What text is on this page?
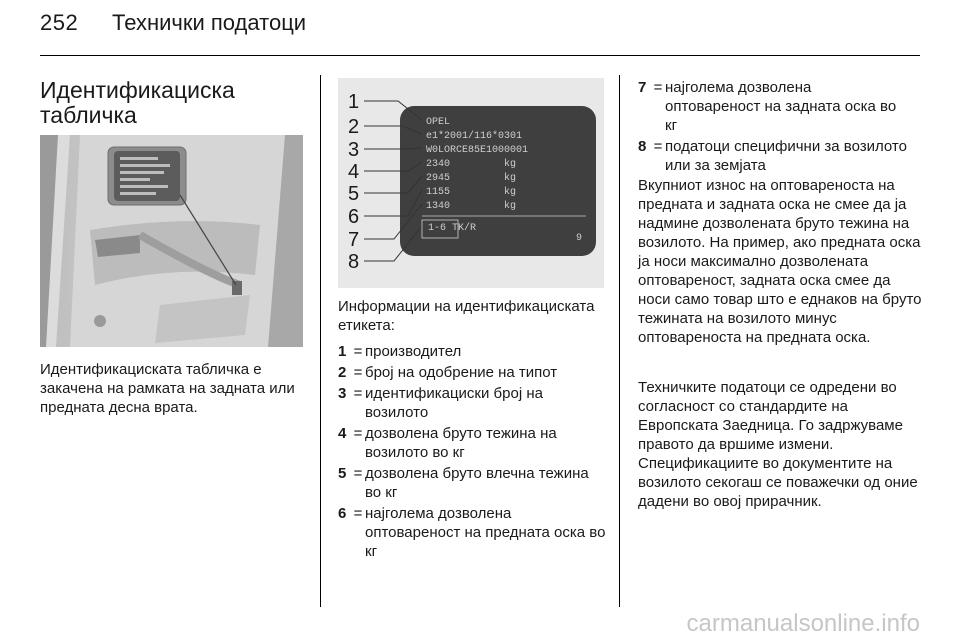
252 Технички податоци
Идентификациска табличка
Идентификациската табличка е закачена на рамката на задната или предната десна врата.
1
2
3
4
5
6
7
8
OPEL
e1*2001/116*0301
W0LORCE85E1000001
2340
2945
1155
1340
kg
kg
kg
kg
1-6 TK/R
9
Информации на идентификациската етикета:
1 = производител
2 = број на одобрение на типот
3 = идентификациски број на возилото
4 = дозволена бруто тежина на возилото во кг
5 = дозволена бруто влечна тежина во кг
6 = најголема дозволена оптовареност на предната оска во кг
7 = најголема дозволена оптовареност на задната оска во кг
8 = податоци специфични за возилото или за земјата
Вкупниот износ на оптовареноста на предната и задната оска не смее да ја надмине дозволената бруто тежина на возилото. На пример, ако предната оска ја носи максимално дозволената оптовареност, задната оска смее да носи само товар што е еднаков на бруто тежината на возилото минус оптовареноста на предната оска.
Техничките податоци се одредени во согласност со стандардите на Европската Заедница. Го задржуваме правото да вршиме измени. Спецификациите во документите на возилото секогаш се поважечки од оние дадени во овој прирачник.
carmanualsonline.info
